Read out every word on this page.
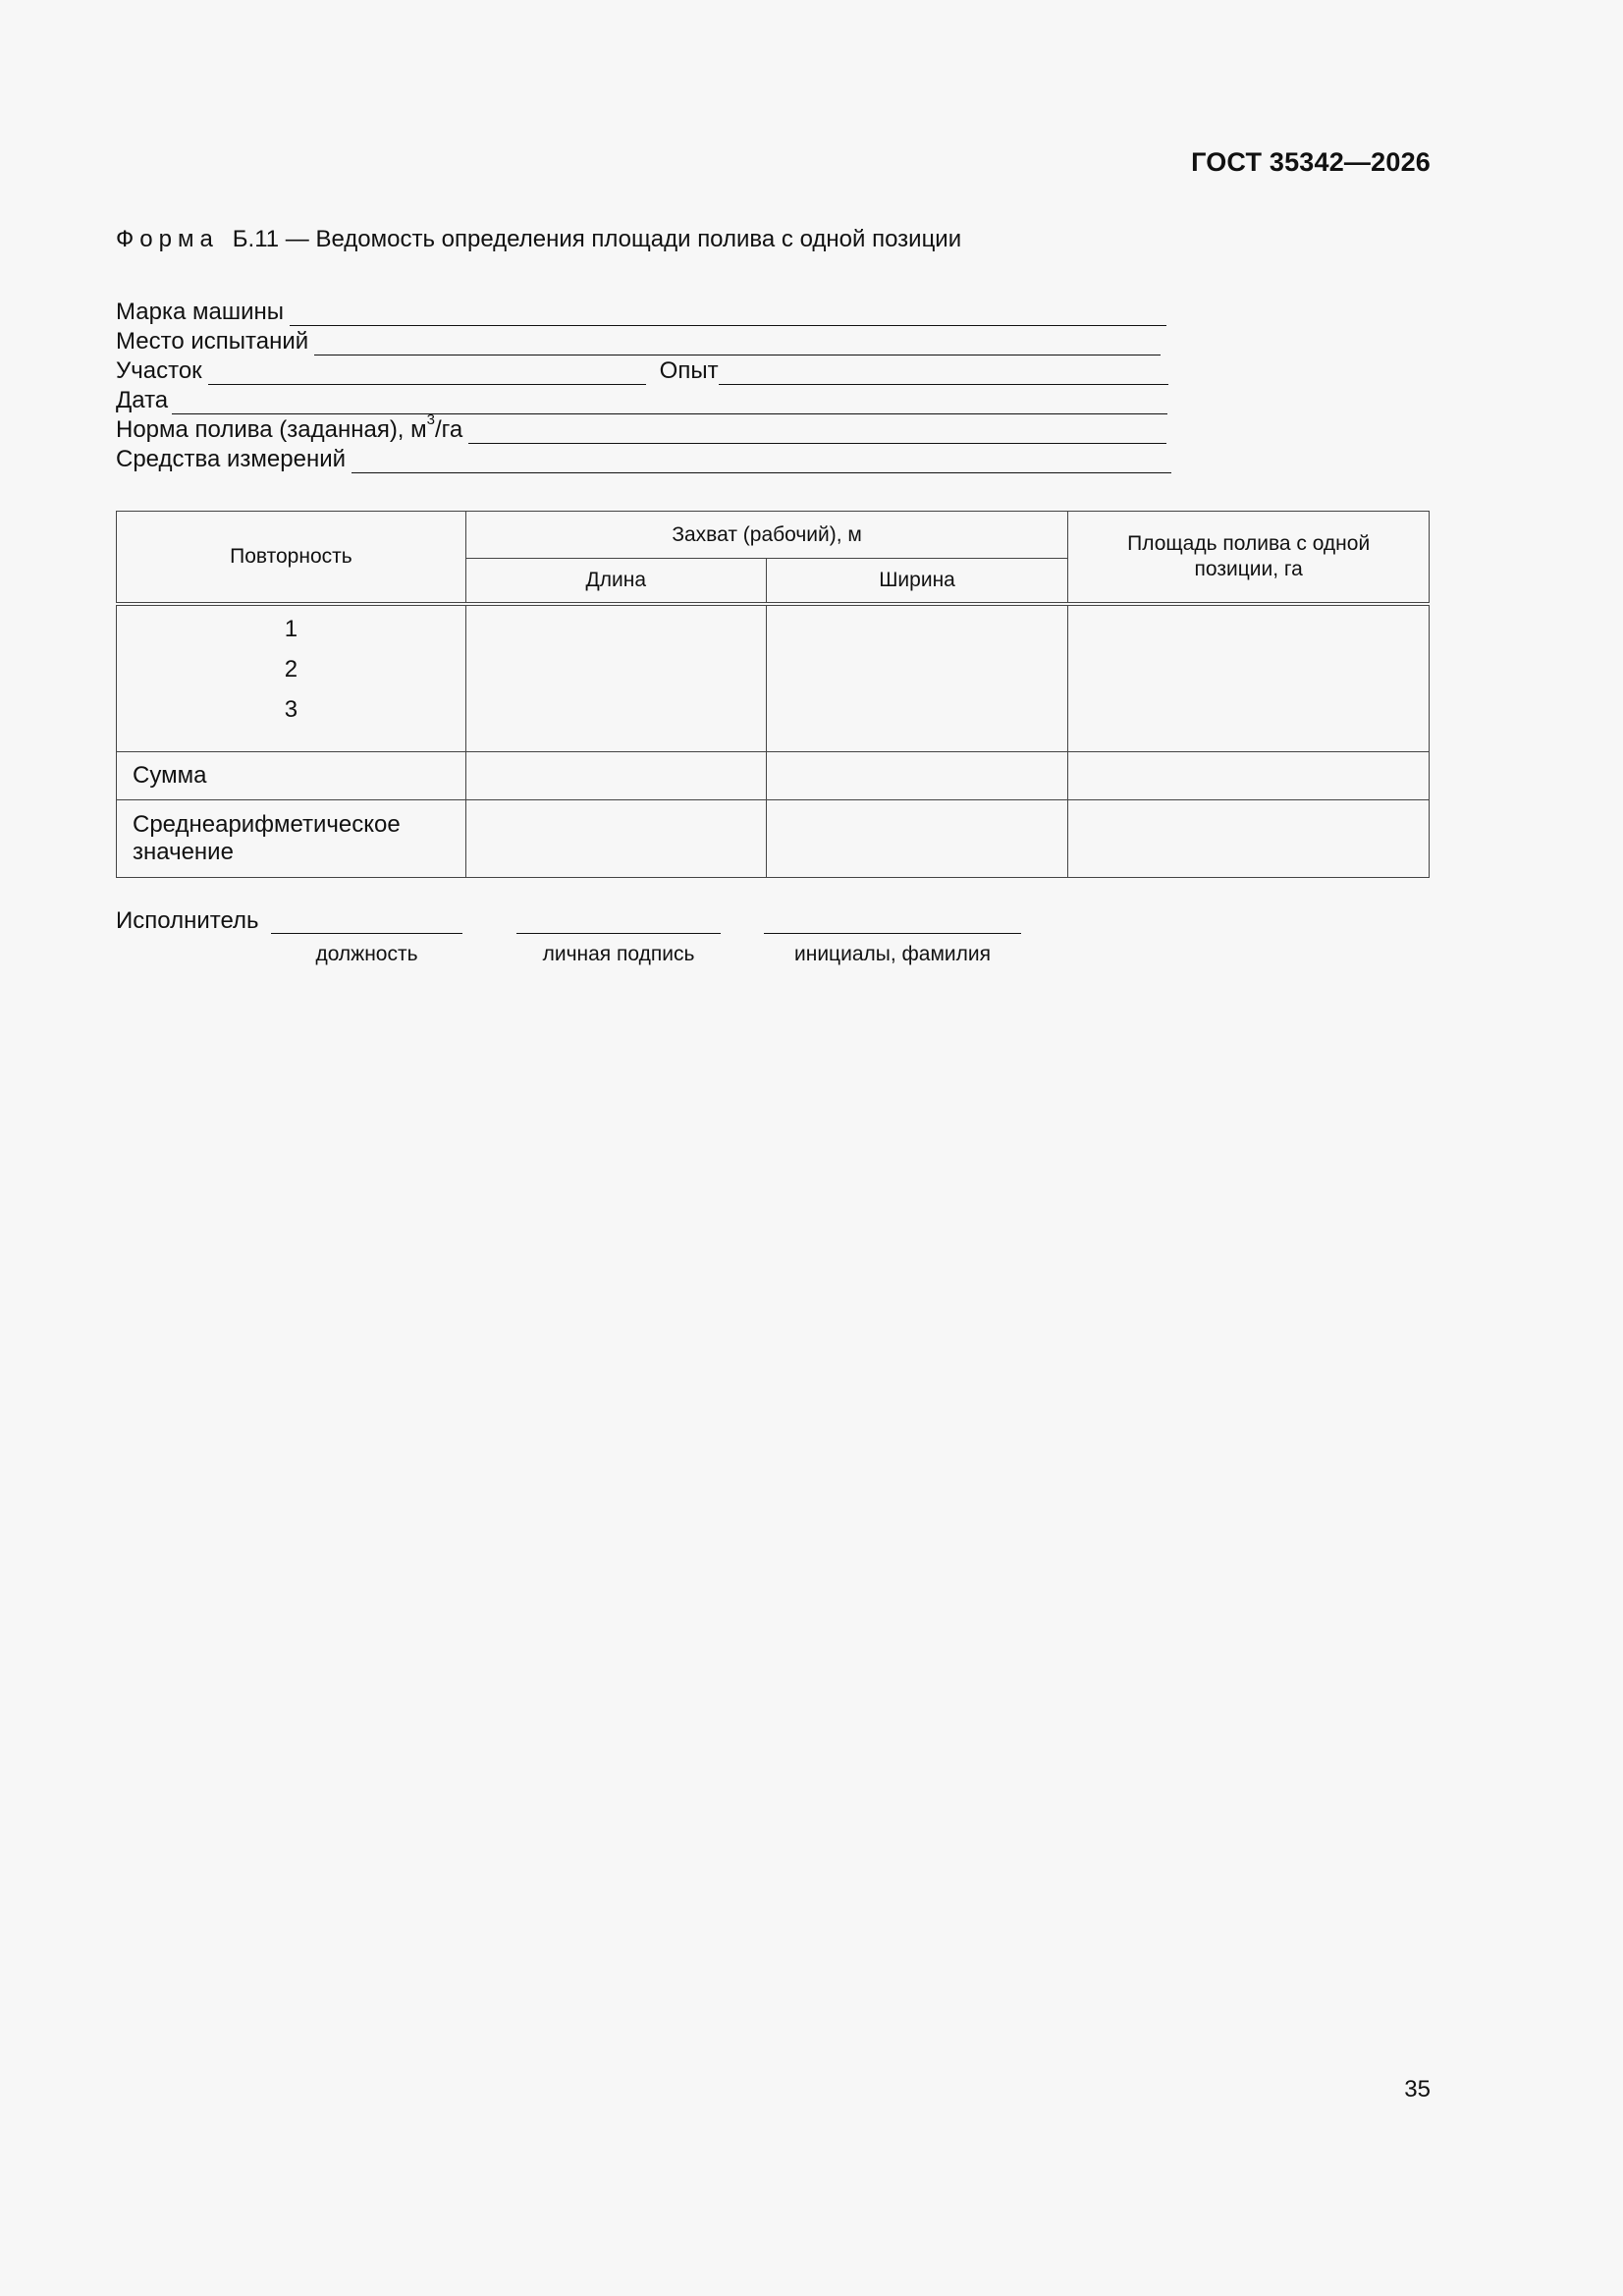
ГОСТ 35342—2026
Форма Б.11 — Ведомость определения площади полива с одной позиции
Марка машины
Место испытаний
Участок	Опыт
Дата
Норма полива (заданная), $м^3/га$
Средства измерений
Повторность	Захват (рабочий), м		Площадь полива с одной позиции, га
	Длина	Ширина	

1
2
3			

Сумма			
Среднеарифметическое значение			
Исполнитель
должность	личная подпись	инициалы, фамилия
35
